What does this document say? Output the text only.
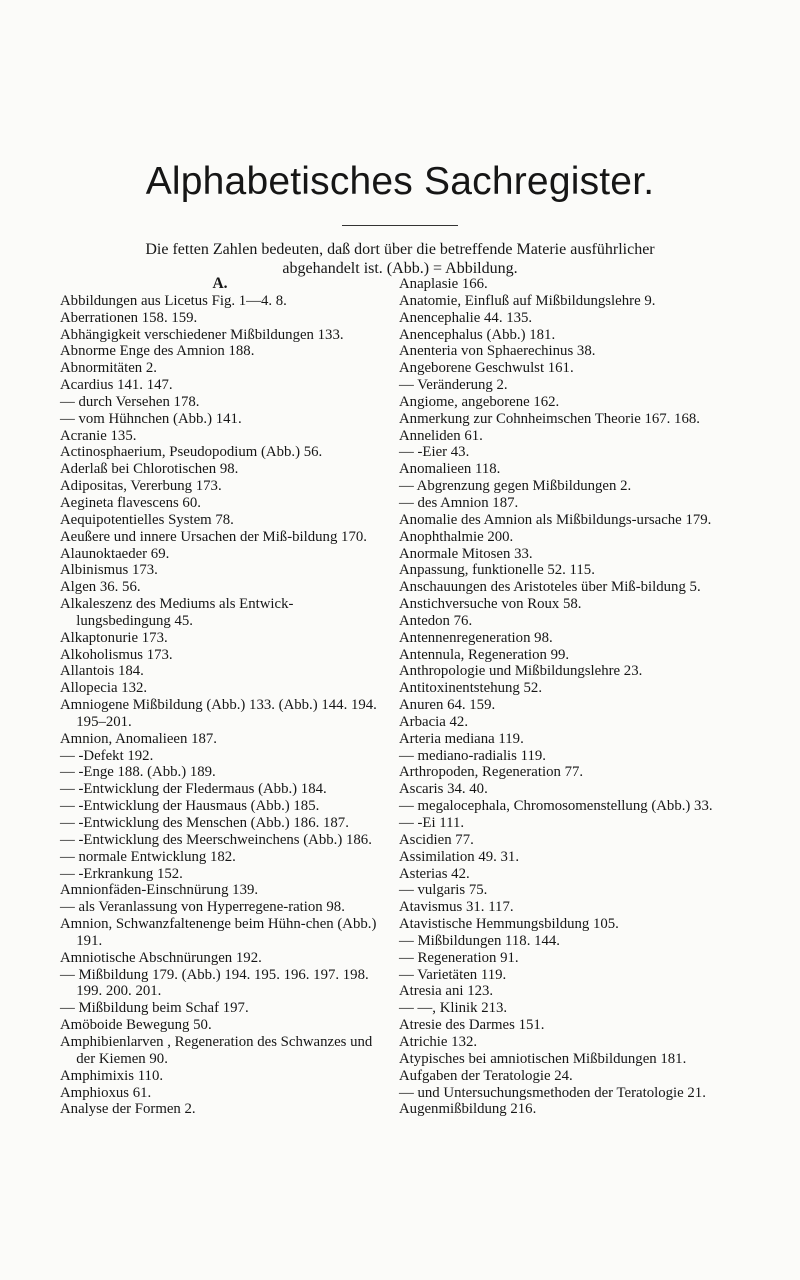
Alphabetisches Sachregister.
Die fetten Zahlen bedeuten, daß dort über die betreffende Materie ausführlicher
abgehandelt ist. (Abb.) = Abbildung.
A.
Abbildungen aus Licetus Fig. 1—4. 8.
Aberrationen 158. 159.
Abhängigkeit verschiedener Mißbildungen 133.
Abnorme Enge des Amnion 188.
Abnormitäten 2.
Acardius 141. 147.
— durch Versehen 178.
— vom Hühnchen (Abb.) 141.
Acranie 135.
Actinosphaerium, Pseudopodium (Abb.) 56.
Aderlaß bei Chlorotischen 98.
Adipositas, Vererbung 173.
Aegineta flavescens 60.
Aequipotentielles System 78.
Aeußere und innere Ursachen der Miß-bildung 170.
Alaunoktaeder 69.
Albinismus 173.
Algen 36. 56.
Alkaleszenz des Mediums als Entwick-lungsbedingung 45.
Alkaptonurie 173.
Alkoholismus 173.
Allantois 184.
Allopecia 132.
Amniogene Mißbildung (Abb.) 133. (Abb.) 144. 194. 195–201.
Amnion, Anomalieen 187.
— -Defekt 192.
— -Enge 188. (Abb.) 189.
— -Entwicklung der Fledermaus (Abb.) 184.
— -Entwicklung der Hausmaus (Abb.) 185.
— -Entwicklung des Menschen (Abb.) 186. 187.
— -Entwicklung des Meerschweinchens (Abb.) 186.
— normale Entwicklung 182.
— -Erkrankung 152.
Amnionfäden-Einschnürung 139.
— als Veranlassung von Hyperregene-ration 98.
Amnion, Schwanzfaltenenge beim Hühn-chen (Abb.) 191.
Amniotische Abschnürungen 192.
— Mißbildung 179. (Abb.) 194. 195. 196. 197. 198. 199. 200. 201.
— Mißbildung beim Schaf 197.
Amöboide Bewegung 50.
Amphibienlarven , Regeneration des Schwanzes und der Kiemen 90.
Amphimixis 110.
Amphioxus 61.
Analyse der Formen 2.
Anaplasie 166.
Anatomie, Einfluß auf Mißbildungslehre 9.
Anencephalie 44. 135.
Anencephalus (Abb.) 181.
Anenteria von Sphaerechinus 38.
Angeborene Geschwulst 161.
— Veränderung 2.
Angiome, angeborene 162.
Anmerkung zur Cohnheimschen Theorie 167. 168.
Anneliden 61.
— -Eier 43.
Anomalieen 118.
— Abgrenzung gegen Mißbildungen 2.
— des Amnion 187.
Anomalie des Amnion als Mißbildungs-ursache 179.
Anophthalmie 200.
Anormale Mitosen 33.
Anpassung, funktionelle 52. 115.
Anschauungen des Aristoteles über Miß-bildung 5.
Anstichversuche von Roux 58.
Antedon 76.
Antennenregeneration 98.
Antennula, Regeneration 99.
Anthropologie und Mißbildungslehre 23.
Antitoxinentstehung 52.
Anuren 64. 159.
Arbacia 42.
Arteria mediana 119.
— mediano-radialis 119.
Arthropoden, Regeneration 77.
Ascaris 34. 40.
— megalocephala, Chromosomenstellung (Abb.) 33.
— -Ei 111.
Ascidien 77.
Assimilation 49. 31.
Asterias 42.
— vulgaris 75.
Atavismus 31. 117.
Atavistische Hemmungsbildung 105.
— Mißbildungen 118. 144.
— Regeneration 91.
— Varietäten 119.
Atresia ani 123.
— —, Klinik 213.
Atresie des Darmes 151.
Atrichie 132.
Atypisches bei amniotischen Mißbildungen 181.
Aufgaben der Teratologie 24.
— und Untersuchungsmethoden der Teratologie 21.
Augenmißbildung 216.
